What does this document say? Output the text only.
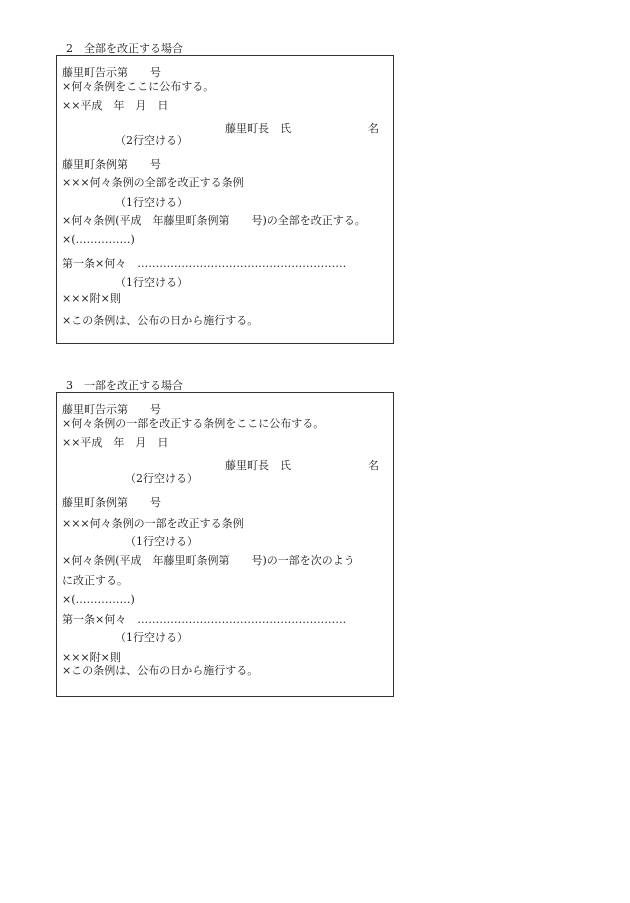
2　全部を改正する場合
藤里町告示第　　号
×何々条例をここに公布する。
××平成　年　月　日
藤里町長　氏　　　　　　　名
（2行空ける）
藤里町条例第　　号
×××何々条例の全部を改正する条例
（1行空ける）
×何々条例(平成　年藤里町条例第　　号)の全部を改正する。
×(……………)
第一条×何々　…………………………………………………
（1行空ける）
×××附×則
×この条例は、公布の日から施行する。
3　一部を改正する場合
藤里町告示第　　号
×何々条例の一部を改正する条例をここに公布する。
××平成　年　月　日
藤里町長　氏　　　　　　　名
（2行空ける）
藤里町条例第　　号
×××何々条例の一部を改正する条例
（1行空ける）
×何々条例(平成　年藤里町条例第　　号)の一部を次のよう
に改正する。
×(……………)
第一条×何々　…………………………………………………
（1行空ける）
×××附×則
×この条例は、公布の日から施行する。
